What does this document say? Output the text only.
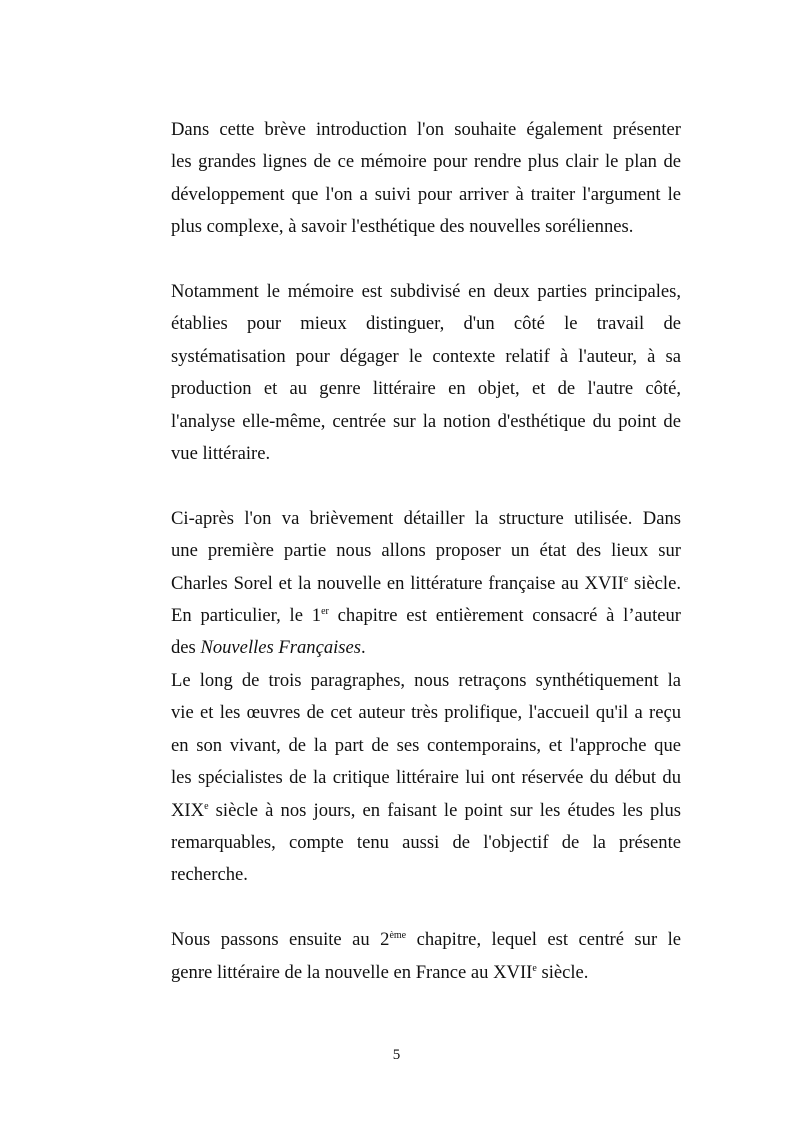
Dans cette brève introduction l'on souhaite également présenter
les grandes lignes de ce mémoire pour rendre plus clair le plan de
développement que l'on a suivi pour arriver à traiter l'argument le
plus complexe, à savoir l'esthétique des nouvelles soréliennes.

Notamment le mémoire est subdivisé en deux parties principales,
établies pour mieux distinguer, d'un côté le travail de
systématisation pour dégager le contexte relatif à l'auteur, à sa
production et au genre littéraire en objet, et de l'autre côté,
l'analyse elle-même, centrée sur la notion d'esthétique du point de
vue littéraire.

Ci-après l'on va brièvement détailler la structure utilisée. Dans
une première partie nous allons proposer un état des lieux sur
Charles Sorel et la nouvelle en littérature française au XVIIe siècle.
En particulier, le 1er chapitre est entièrement consacré à l’auteur
des Nouvelles Françaises.

Le long de trois paragraphes, nous retraçons synthétiquement la
vie et les œuvres de cet auteur très prolifique, l'accueil qu'il a reçu
en son vivant, de la part de ses contemporains, et l'approche que
les spécialistes de la critique littéraire lui ont réservée du début du
XIXe siècle à nos jours, en faisant le point sur les études les plus
remarquables, compte tenu aussi de l'objectif de la présente
recherche.

Nous passons ensuite au 2ème chapitre, lequel est centré sur le
genre littéraire de la nouvelle en France au XVIIe siècle.

5
